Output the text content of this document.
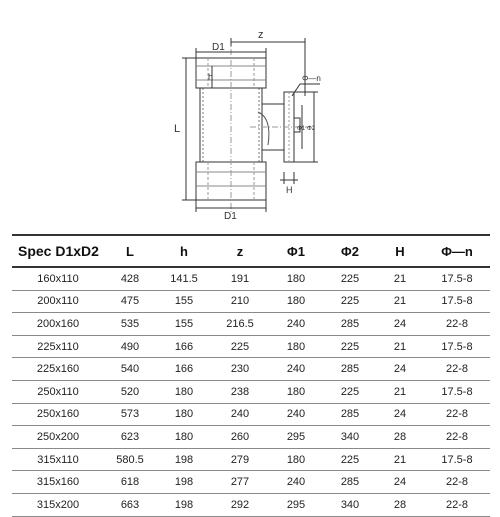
z
D1
D1
Φ—n
Φ1 Φ2
L
h
H
Spec D1xD2	L	h	z	Φ1	Φ2	H	Φ—n
160x110	428	141.5	191	180	225	21	17.5-8
200x110	475	155	210	180	225	21	17.5-8
200x160	535	155	216.5	240	285	24	22-8
225x110	490	166	225	180	225	21	17.5-8
225x160	540	166	230	240	285	24	22-8
250x110	520	180	238	180	225	21	17.5-8
250x160	573	180	240	240	285	24	22-8
250x200	623	180	260	295	340	28	22-8
315x110	580.5	198	279	180	225	21	17.5-8
315x160	618	198	277	240	285	24	22-8
315x200	663	198	292	295	340	28	22-8
